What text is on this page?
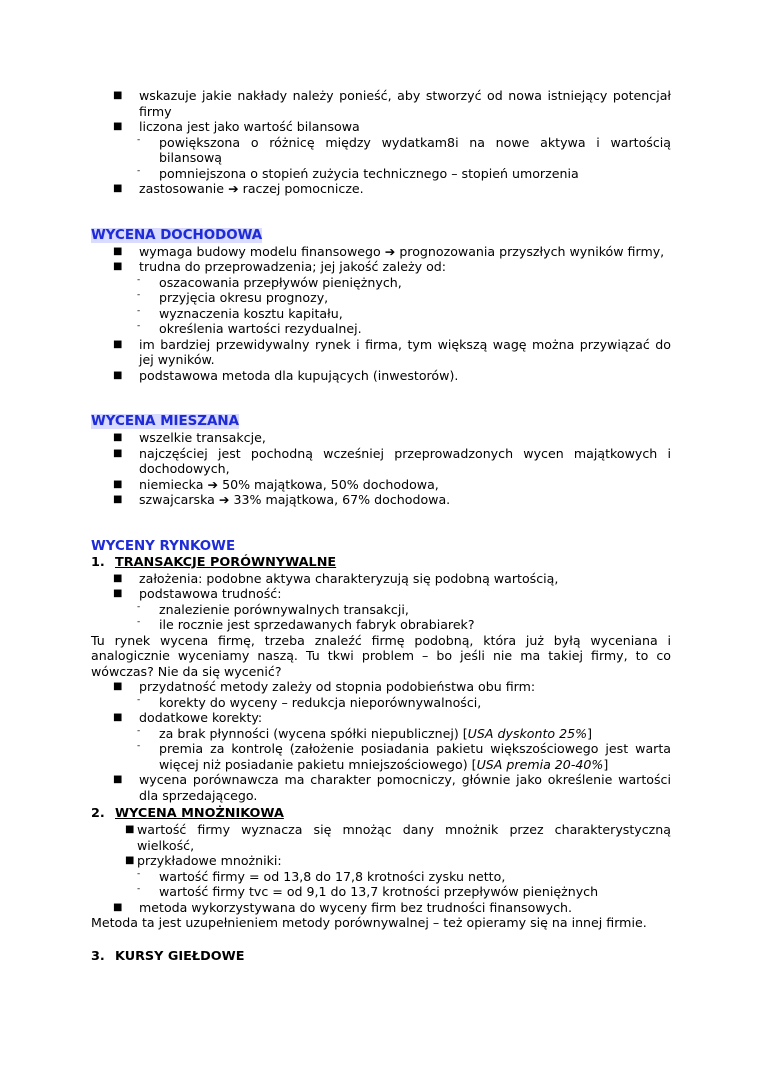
■ wskazuje jakie nakłady należy ponieść, aby stworzyć od nowa istniejący potencjał firmy
■ liczona jest jako wartość bilansowa
- powiększona o różnicę między wydatkam8i na nowe aktywa i wartością bilansową
- pomniejszona o stopień zużycia technicznego – stopień umorzenia
■ zastosowanie ➔ raczej pomocnicze.
WYCENA DOCHODOWA
■ wymaga budowy modelu finansowego ➔ prognozowania przyszłych wyników firmy,
■ trudna do przeprowadzenia; jej jakość zależy od:
- oszacowania przepływów pieniężnych,
- przyjęcia okresu prognozy,
- wyznaczenia kosztu kapitału,
- określenia wartości rezydualnej.
■ im bardziej przewidywalny rynek i firma, tym większą wagę można przywiązać do jej wyników.
■ podstawowa metoda dla kupujących (inwestorów).
WYCENA MIESZANA
■ wszelkie transakcje,
■ najczęściej jest pochodną wcześniej przeprowadzonych wycen majątkowych i dochodowych,
■ niemiecka ➔ 50% majątkowa, 50% dochodowa,
■ szwajcarska ➔ 33% majątkowa, 67% dochodowa.
WYCENY RYNKOWE
1. TRANSAKCJE PORÓWNYWALNE
■ założenia: podobne aktywa charakteryzują się podobną wartością,
■ podstawowa trudność:
- znalezienie porównywalnych transakcji,
- ile rocznie jest sprzedawanych fabryk obrabiarek?
Tu rynek wycena firmę, trzeba znaleźć firmę podobną, która już byłą wyceniana i analogicznie wyceniamy naszą. Tu tkwi problem – bo jeśli nie ma takiej firmy, to co wówczas? Nie da się wycenić?
■ przydatność metody zależy od stopnia podobieństwa obu firm:
- korekty do wyceny – redukcja nieporównywalności,
■ dodatkowe korekty:
- za brak płynności (wycena spółki niepublicznej) [USA dyskonto 25%]
- premia za kontrolę (założenie posiadania pakietu większościowego jest warta więcej niż posiadanie pakietu mniejszościowego) [USA premia 20-40%]
■ wycena porównawcza ma charakter pomocniczy, głównie jako określenie wartości dla sprzedającego.
2. WYCENA MNOŻNIKOWA
■ wartość firmy wyznacza się mnożąc dany mnożnik przez charakterystyczną wielkość,
■ przykładowe mnożniki:
- wartość firmy = od 13,8 do 17,8 krotności zysku netto,
- wartość firmy tvc = od 9,1 do 13,7 krotności przepływów pieniężnych
■ metoda wykorzystywana do wyceny firm bez trudności finansowych.
Metoda ta jest uzupełnieniem metody porównywalnej – też opieramy się na innej firmie.
3. KURSY GIEŁDOWE
